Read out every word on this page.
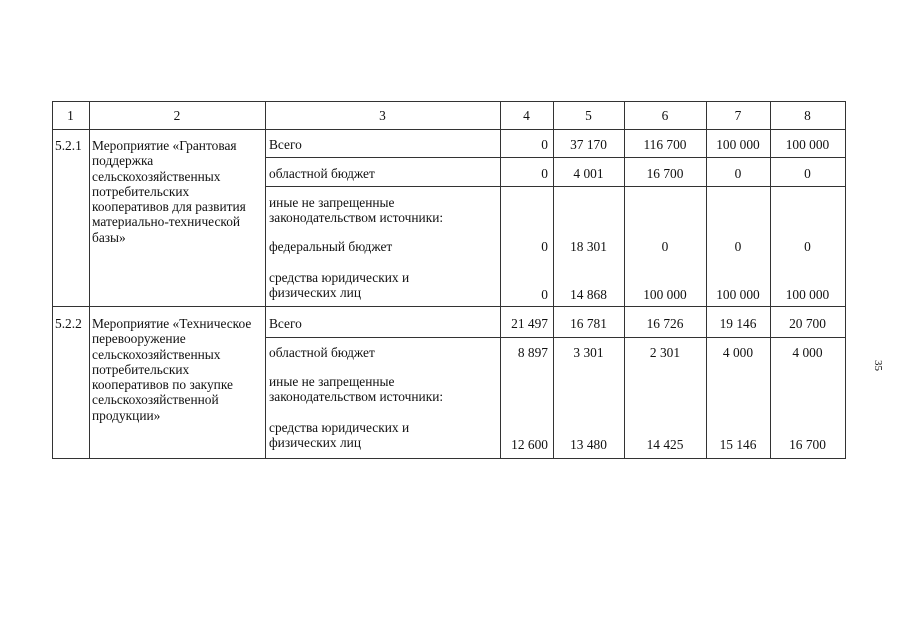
1	2	3	4	5	6	7	8
5.2.1 Мероприятие «Грантовая поддержка сельскохозяйственных потребительских кооперативов для развития материально-технической базы»
Всего	0	37 170	116 700	100 000	100 000
областной бюджет	0	4 001	16 700	0	0
иные не запрещенные законодательством источники:
федеральный бюджет	0	18 301	0	0	0
средства юридических и физических лиц	0	14 868	100 000	100 000	100 000
5.2.2 Мероприятие «Техническое перевооружение сельскохозяйственных потребительских кооперативов по закупке сельскохозяйственной продукции»
Всего	21 497	16 781	16 726	19 146	20 700
областной бюджет	8 897	3 301	2 301	4 000	4 000
иные не запрещенные законодательством источники:
средства юридических и физических лиц	12 600	13 480	14 425	15 146	16 700
35
